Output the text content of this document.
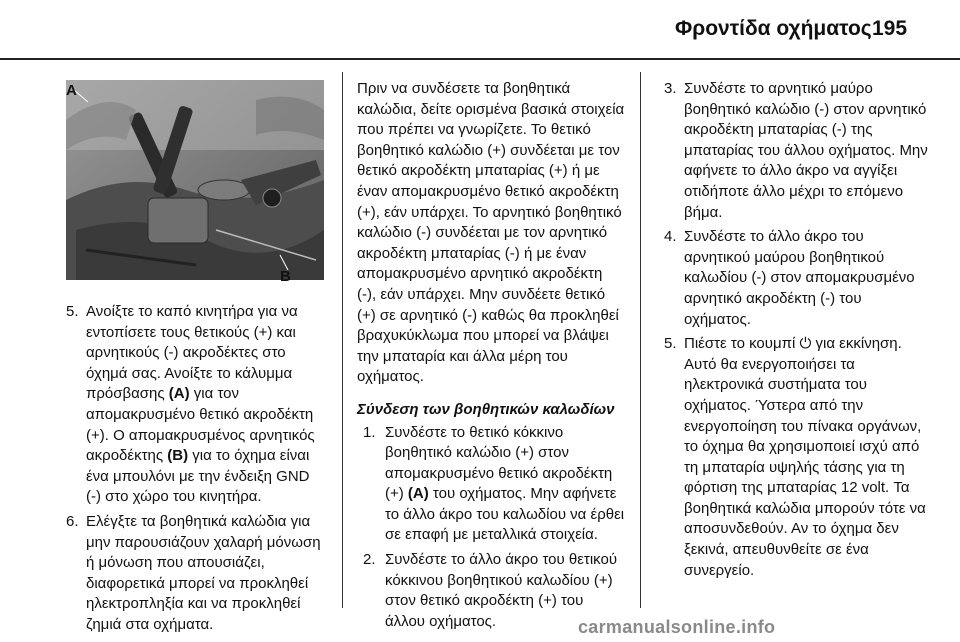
Φροντίδα οχήματος 195
A
B
5. Ανοίξτε το καπό κινητήρα για να εντοπίσετε τους θετικούς (+) και αρνητικούς (-) ακροδέκτες στο όχημά σας. Ανοίξτε το κάλυμμα πρόσβασης (A) για τον απομακρυσμένο θετικό ακροδέκτη (+). Ο απομακρυσμένος αρνητικός ακροδέκτης (B) για το όχημα είναι ένα μπουλόνι με την ένδειξη GND (-) στο χώρο του κινητήρα.
6. Ελέγξτε τα βοηθητικά καλώδια για μην παρουσιάζουν χαλαρή μόνωση ή μόνωση που απουσιάζει, διαφορετικά μπορεί να προκληθεί ηλεκτροπληξία και να προκληθεί ζημιά στα οχήματα.

Πριν να συνδέσετε τα βοηθητικά καλώδια, δείτε ορισμένα βασικά στοιχεία που πρέπει να γνωρίζετε. Το θετικό βοηθητικό καλώδιο (+) συνδέεται με τον θετικό ακροδέκτη μπαταρίας (+) ή με έναν απομακρυσμένο θετικό ακροδέκτη (+), εάν υπάρχει. Το αρνητικό βοηθητικό καλώδιο (-) συνδέεται με τον αρνητικό ακροδέκτη μπαταρίας (-) ή με έναν απομακρυσμένο αρνητικό ακροδέκτη (-), εάν υπάρχει. Μην συνδέετε θετικό (+) σε αρνητικό (-) καθώς θα προκληθεί βραχυκύκλωμα που μπορεί να βλάψει την μπαταρία και άλλα μέρη του οχήματος.

Σύνδεση των βοηθητικών καλωδίων

1. Συνδέστε το θετικό κόκκινο βοηθητικό καλώδιο (+) στον απομακρυσμένο θετικό ακροδέκτη (+) (A) του οχήματος. Μην αφήνετε το άλλο άκρο του καλωδίου να έρθει σε επαφή με μεταλλικά στοιχεία.
2. Συνδέστε το άλλο άκρο του θετικού κόκκινου βοηθητικού καλωδίου (+) στον θετικό ακροδέκτη (+) του άλλου οχήματος.
3. Συνδέστε το αρνητικό μαύρο βοηθητικό καλώδιο (-) στον αρνητικό ακροδέκτη μπαταρίας (-) της μπαταρίας του άλλου οχήματος. Μην αφήνετε το άλλο άκρο να αγγίξει οτιδήποτε άλλο μέχρι το επόμενο βήμα.
4. Συνδέστε το άλλο άκρο του αρνητικού μαύρου βοηθητικού καλωδίου (-) στον απομακρυσμένο αρνητικό ακροδέκτη (-) του οχήματος.
5. Πιέστε το κουμπί ⏻ για εκκίνηση. Αυτό θα ενεργοποιήσει τα ηλεκτρονικά συστήματα του οχήματος. Ύστερα από την ενεργοποίηση του πίνακα οργάνων, το όχημα θα χρησιμοποιεί ισχύ από τη μπαταρία υψηλής τάσης για τη φόρτιση της μπαταρίας 12 volt. Τα βοηθητικά καλώδια μπορούν τότε να αποσυνδεθούν. Αν το όχημα δεν ξεκινά, απευθυνθείτε σε ένα συνεργείο.
carmanualsonline.info
